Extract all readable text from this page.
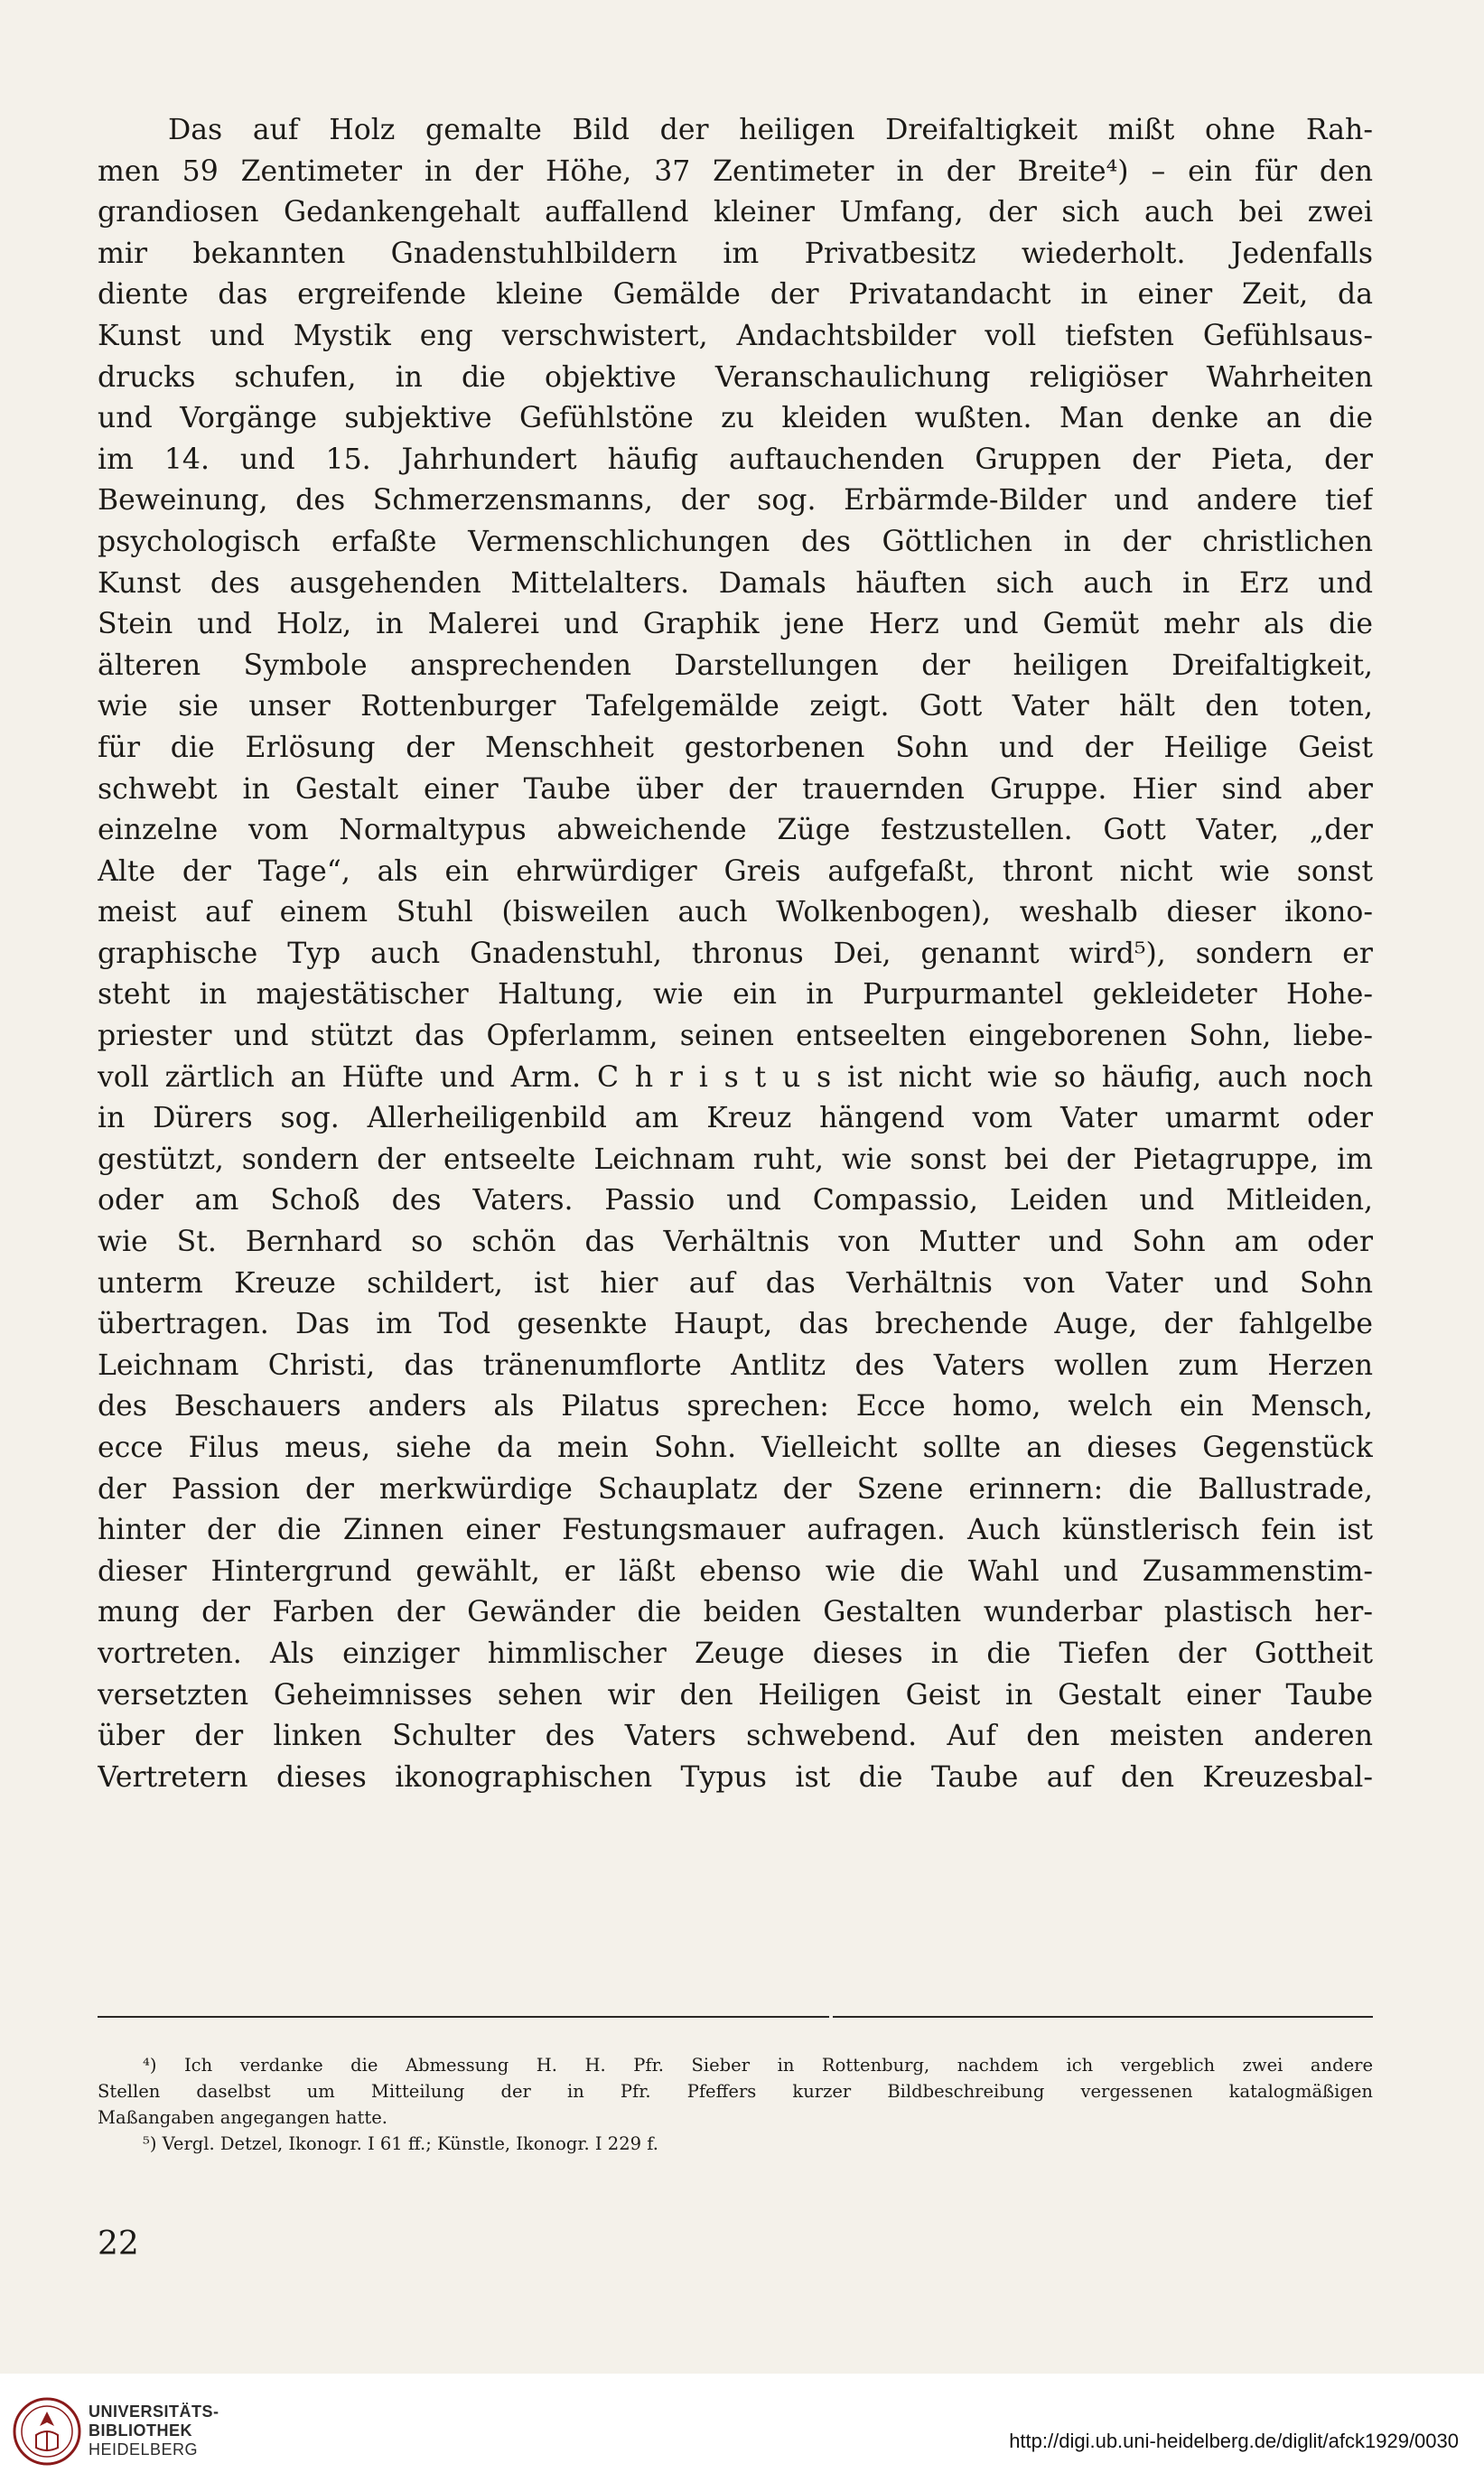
Das auf Holz gemalte Bild der heiligen Dreifaltigkeit mißt ohne Rah-
men 59 Zentimeter in der Höhe, 37 Zentimeter in der Breite⁴) – ein für den
grandiosen Gedankengehalt auffallend kleiner Umfang, der sich auch bei zwei
mir bekannten Gnadenstuhlbildern im Privatbesitz wiederholt. Jedenfalls
diente das ergreifende kleine Gemälde der Privatandacht in einer Zeit, da
Kunst und Mystik eng verschwistert, Andachtsbilder voll tiefsten Gefühlsaus-
drucks schufen, in die objektive Veranschaulichung religiöser Wahrheiten
und Vorgänge subjektive Gefühlstöne zu kleiden wußten. Man denke an die
im 14. und 15. Jahrhundert häufig auftauchenden Gruppen der Pieta, der
Beweinung, des Schmerzensmanns, der sog. Erbärmde-Bilder und andere tief
psychologisch erfaßte Vermenschlichungen des Göttlichen in der christlichen
Kunst des ausgehenden Mittelalters. Damals häuften sich auch in Erz und
Stein und Holz, in Malerei und Graphik jene Herz und Gemüt mehr als die
älteren Symbole ansprechenden Darstellungen der heiligen Dreifaltigkeit,
wie sie unser Rottenburger Tafelgemälde zeigt. Gott Vater hält den toten,
für die Erlösung der Menschheit gestorbenen Sohn und der Heilige Geist
schwebt in Gestalt einer Taube über der trauernden Gruppe. Hier sind aber
einzelne vom Normaltypus abweichende Züge festzustellen. Gott Vater, „der
Alte der Tage“, als ein ehrwürdiger Greis aufgefaßt, thront nicht wie sonst
meist auf einem Stuhl (bisweilen auch Wolkenbogen), weshalb dieser ikono-
graphische Typ auch Gnadenstuhl, thronus Dei, genannt wird⁵), sondern er
steht in majestätischer Haltung, wie ein in Purpurmantel gekleideter Hohe-
priester und stützt das Opferlamm, seinen entseelten eingeborenen Sohn, liebe-
voll zärtlich an Hüfte und Arm. C h r i s t u s ist nicht wie so häufig, auch noch
in Dürers sog. Allerheiligenbild am Kreuz hängend vom Vater umarmt oder
gestützt, sondern der entseelte Leichnam ruht, wie sonst bei der Pietagruppe, im
oder am Schoß des Vaters. Passio und Compassio, Leiden und Mitleiden,
wie St. Bernhard so schön das Verhältnis von Mutter und Sohn am oder
unterm Kreuze schildert, ist hier auf das Verhältnis von Vater und Sohn
übertragen. Das im Tod gesenkte Haupt, das brechende Auge, der fahlgelbe
Leichnam Christi, das tränenumflorte Antlitz des Vaters wollen zum Herzen
des Beschauers anders als Pilatus sprechen: Ecce homo, welch ein Mensch,
ecce Filus meus, siehe da mein Sohn. Vielleicht sollte an dieses Gegenstück
der Passion der merkwürdige Schauplatz der Szene erinnern: die Ballustrade,
hinter der die Zinnen einer Festungsmauer aufragen. Auch künstlerisch fein ist
dieser Hintergrund gewählt, er läßt ebenso wie die Wahl und Zusammenstim-
mung der Farben der Gewänder die beiden Gestalten wunderbar plastisch her-
vortreten. Als einziger himmlischer Zeuge dieses in die Tiefen der Gottheit
versetzten Geheimnisses sehen wir den Heiligen Geist in Gestalt einer Taube
über der linken Schulter des Vaters schwebend. Auf den meisten anderen
Vertretern dieses ikonographischen Typus ist die Taube auf den Kreuzesbal-
⁴) Ich verdanke die Abmessung H. H. Pfr. Sieber in Rottenburg, nachdem ich vergeblich zwei andere
Stellen daselbst um Mitteilung der in Pfr. Pfeffers kurzer Bildbeschreibung vergessenen katalogmäßigen
Maßangaben angegangen hatte.
⁵) Vergl. Detzel, Ikonogr. I 61 ff.; Künstle, Ikonogr. I 229 f.
22
UNIVERSITÄTS-
BIBLIOTHEK
HEIDELBERG	http://digi.ub.uni-heidelberg.de/diglit/afck1929/0030
